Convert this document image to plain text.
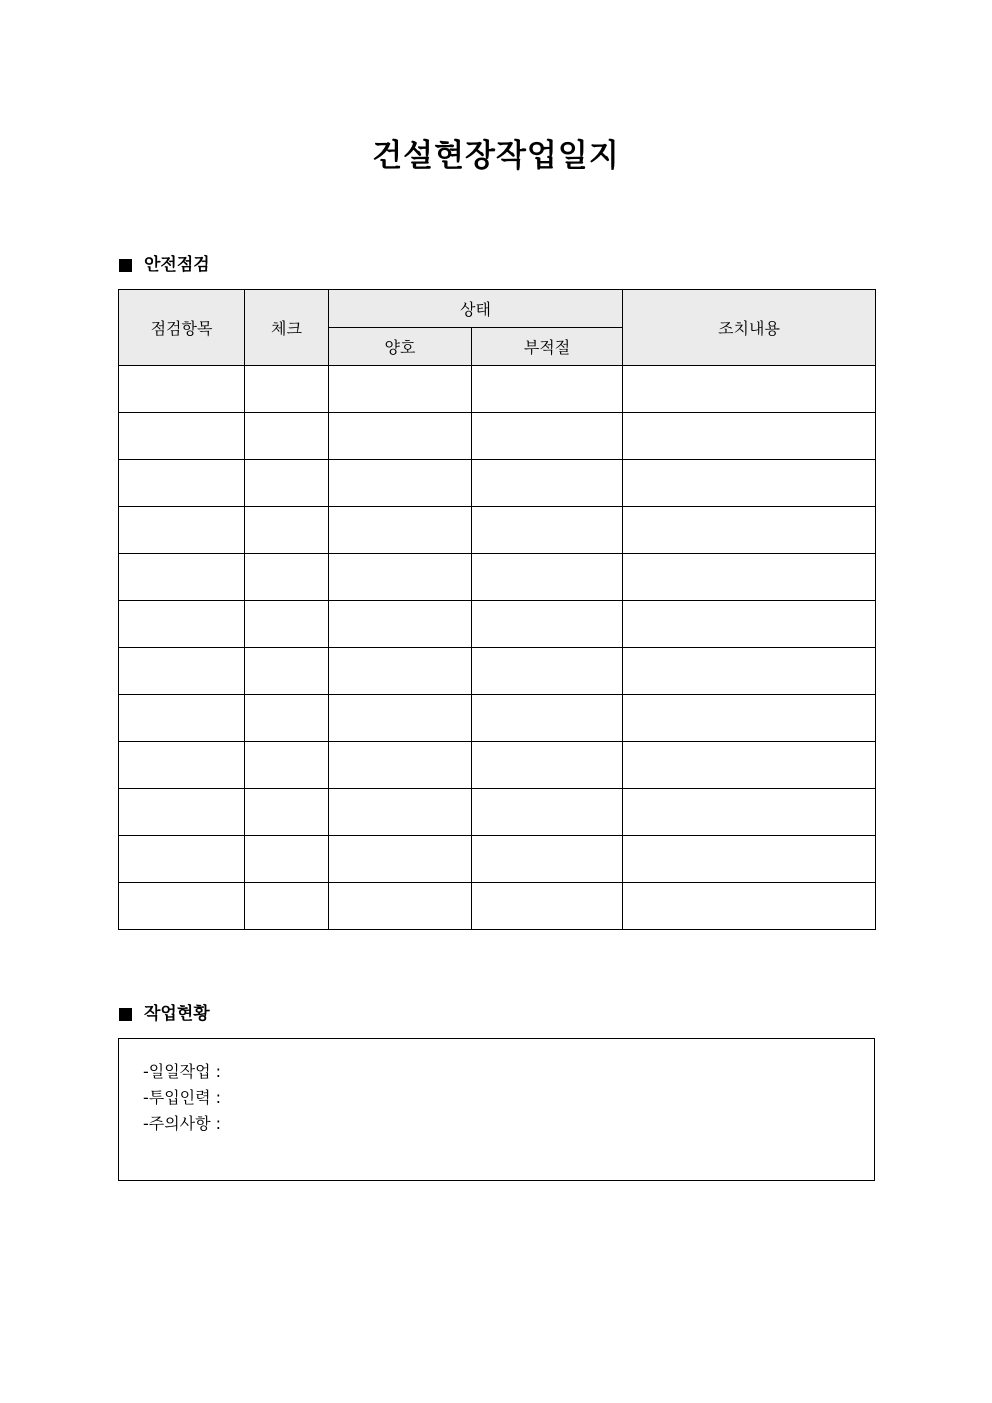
건설현장작업일지
안전점검
점검항목	체크	상태		조치내용
		양호	부적절	

작업현황
-일일작업 :
-투입인력 :
-주의사항 :
